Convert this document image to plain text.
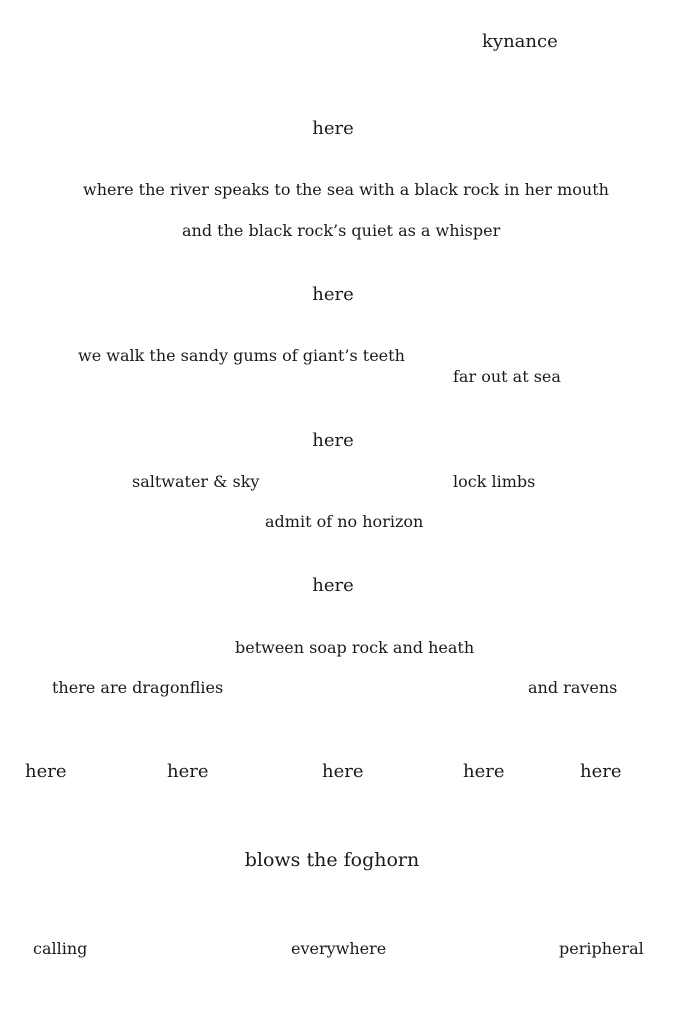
kynance
here
where the river speaks to the sea with a black rock in her mouth
and the black rock’s quiet as a whisper
here
we walk the sandy gums of giant’s teeth
far out at sea
here
saltwater & sky	lock limbs
admit of no horizon
here
between soap rock and heath
there are dragonflies	and ravens
here	here	here	here	here
blows the foghorn
calling	everywhere	peripheral
